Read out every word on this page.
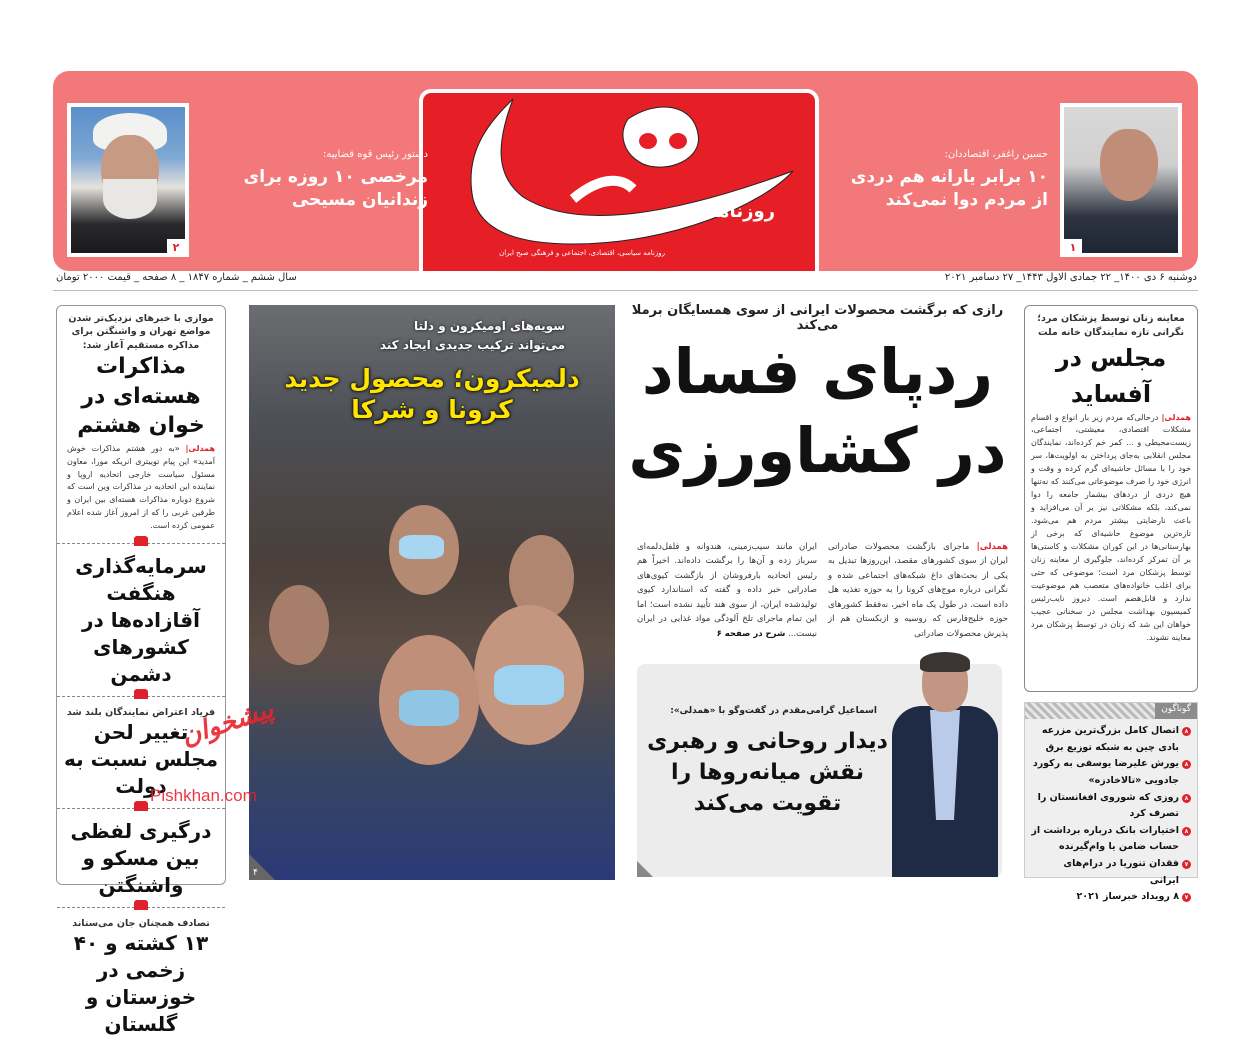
۱
حسین راغفر، اقتصاددان:
۱۰ برابر یارانه هم دردی از مردم دوا نمی‌کند
روزنامه
روزنامه سیاسی، اقتصادی، اجتماعی و فرهنگی صبح ایران
دستور رئیس قوه قضاییه:
مرخصی ۱۰ روزه برای زندانیان مسیحی
۲
دوشنبه ۶ دی ۱۴۰۰_ ۲۲ جمادی الاول ۱۴۴۳_ ۲۷ دسامبر ۲۰۲۱
سال ششم _ شماره ۱۸۴۷ _ ۸ صفحه _ قیمت ۲۰۰۰ تومان
موازی با خبرهای نزدیک‌تر شدن مواضع تهران و واشنگتن برای مذاکره مستقیم آغاز شد:
مذاکرات هسته‌ای در خوان هشتم
همدلی| «به دور هشتم مذاکرات خوش آمدید» این پیام توییتری انریکه مورا، معاون مسئول سیاست خارجی اتحادیه اروپا و نماینده این اتحادیه در مذاکرات وین است که شروع دوباره مذاکرات هسته‌ای بین ایران و طرفین غربی را که از امروز آغاز شده اعلام عمومی کرده است.
سرمایه‌گذاری هنگفت آقازاده‌ها در کشورهای دشمن
فریاد اعتراض نمایندگان بلند شد
تغییر لحن مجلس نسبت به دولت
درگیری لفظی بین مسکو و واشنگتن
تصادف همچنان جان می‌ستاند
۱۳ کشته و ۴۰ زخمی در خوزستان و گلستان
سویه‌های اومیکرون و دلتا می‌تواند ترکیب جدیدی ایجاد کند
دلمیکرون؛ محصول جدید کرونا و شرکا
۴
رازی که برگشت محصولات ایرانی از سوی همسایگان برملا می‌کند
ردپای فساد در کشاورزی
همدلی| ماجرای بازگشت محصولات صادراتی ایران از سوی کشورهای مقصد، این‌روزها تبدیل به یکی از بحث‌های داغ شبکه‌های اجتماعی شده و نگرانی درباره موج‌های کرونا را به حوزه تغذیه هل داده است. در طول یک ماه اخیر، نه‌فقط کشورهای حوزه خلیج‌فارس که روسیه و ازبکستان هم از پذیرش محصولات صادراتی
ایران مانند سیب‌زمینی، هندوانه و فلفل‌دلمه‌ای سرباز زده و آن‌ها را برگشت داده‌اند. اخیراً هم رئیس اتحادیه بارفروشان از بازگشت کیوی‌های صادراتی خبر داده و گفته که استاندارد کیوی تولیدشده ایران، از سوی هند تأیید نشده است؛ اما این تمام ماجرای تلخ آلودگی مواد غذایی در ایران نیست... شرح در صفحه ۶
اسماعیل گرامی‌مقدم در گفت‌وگو با «همدلی»:
دیدار روحانی و رهبری نقش میانه‌روها را تقویت می‌کند
معاینه زنان توسط پزشکان مرد؛ نگرانی تازه نمایندگان خانه ملت
مجلس در آفساید
همدلی| درحالی‌که مردم زیر بار انواع و اقسام مشکلات اقتصادی، معیشتی، اجتماعی، زیست‌محیطی و ... کمر خم کرده‌اند، نمایندگان مجلس انقلابی به‌جای پرداختن به اولویت‌ها، سر خود را با مسائل حاشیه‌ای گرم کرده و وقت و انرژی خود را صرف موضوعاتی می‌کنند که نه‌تنها هیچ دردی از دردهای بیشمار جامعه را دوا نمی‌کند، بلکه مشکلاتی نیز بر آن می‌افزاید و باعث نارضایتی بیشتر مردم هم می‌شود. تازه‌ترین موضوع حاشیه‌ای که برخی از بهارستانی‌ها در این کوران مشکلات و کاستی‌ها بر آن تمرکز کرده‌اند، جلوگیری از معاینه زنان توسط پزشکان مرد است؛ موضوعی که حتی برای اغلب خانواده‌های متعصب هم موضوعیت ندارد و قابل‌هضم است. دیروز نایب‌رئیس کمیسیون بهداشت مجلس در سخنانی عجیب خواهان این شد که زنان در توسط پزشکان مرد معاینه نشوند.
گوناگون
۸
اتصال کامل بزرگ‌ترین مزرعه بادی چین به شبکه توزیع برق
۸
یورش علیرضا یوسفی به رکورد جادویی «تالاخادزه»
۸
روزی که شوروی افغانستان را تصرف کرد
۸
اختیارات بانک درباره برداشت از حساب ضامن یا وام‌گیرنده
۷
فقدان تنوریا در درام‌های ایرانی
۷
۸ رویداد خبرساز ۲۰۲۱
پیشخوان
Pishkhan.com
